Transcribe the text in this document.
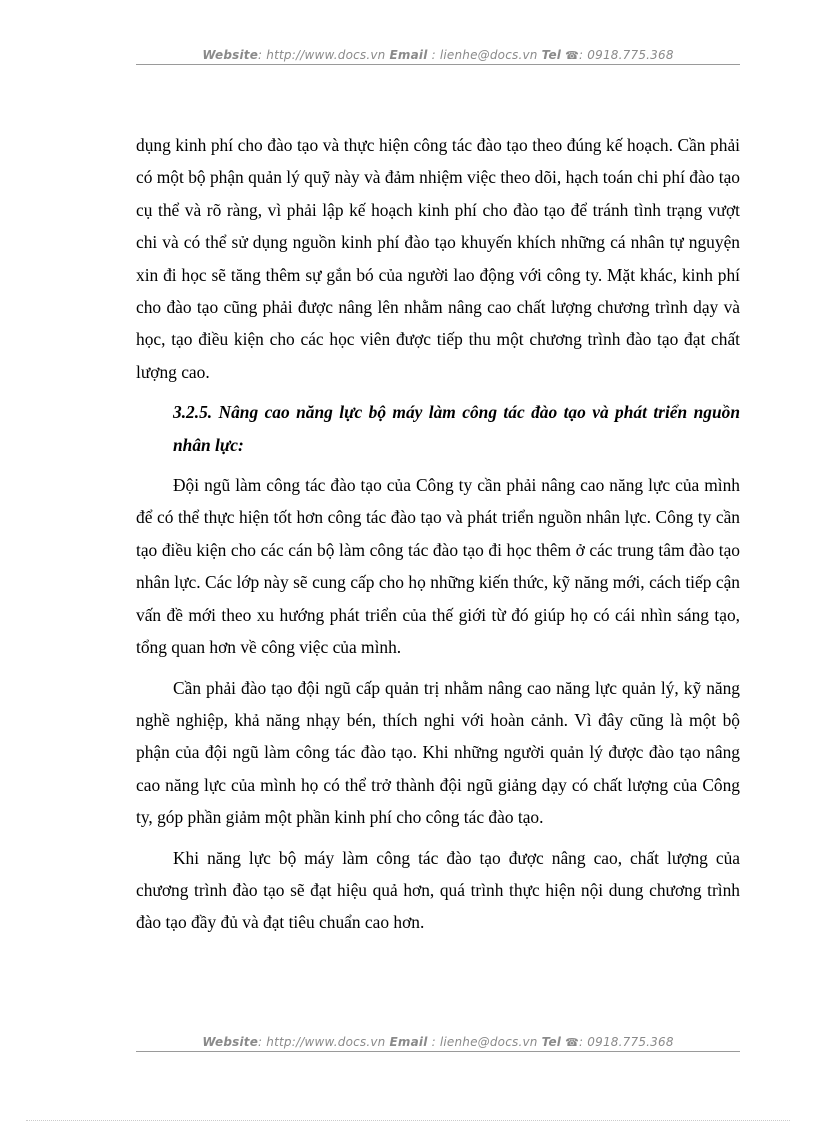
Website: http://www.docs.vn Email : lienhe@docs.vn Tel ☎: 0918.775.368

dụng kinh phí cho đào tạo và thực hiện công tác đào tạo theo đúng kế hoạch. Cần phải có một bộ phận quản lý quỹ này và đảm nhiệm việc theo dõi, hạch toán chi phí đào tạo cụ thể và rõ ràng, vì phải lập kế hoạch kinh phí cho đào tạo để tránh tình trạng vượt chi và có thể sử dụng nguồn kinh phí đào tạo khuyến khích những cá nhân tự nguyện xin đi học sẽ tăng thêm sự gắn bó của người lao động với công ty. Mặt khác, kinh phí cho đào tạo cũng phải được nâng lên nhằm nâng cao chất lượng chương trình dạy và học, tạo điều kiện cho các học viên được tiếp thu một chương trình đào tạo đạt chất lượng cao.

3.2.5. Nâng cao năng lực bộ máy làm công tác đào tạo và phát triển nguồn nhân lực:

Đội ngũ làm công tác đào tạo của Công ty cần phải nâng cao năng lực của mình để có thể thực hiện tốt hơn công tác đào tạo và phát triển nguồn nhân lực. Công ty cần tạo điều kiện cho các cán bộ làm công tác đào tạo đi học thêm ở các trung tâm đào tạo nhân lực. Các lớp này sẽ cung cấp cho họ những kiến thức, kỹ năng mới, cách tiếp cận vấn đề mới theo xu hướng phát triển của thế giới từ đó giúp họ có cái nhìn sáng tạo, tổng quan hơn về công việc của mình.

Cần phải đào tạo đội ngũ cấp quản trị nhằm nâng cao năng lực quản lý, kỹ năng nghề nghiệp, khả năng nhạy bén, thích nghi với hoàn cảnh. Vì đây cũng là một bộ phận của đội ngũ làm công tác đào tạo. Khi những người quản lý được đào tạo nâng cao năng lực của mình họ có thể trở thành đội ngũ giảng dạy có chất lượng của Công ty, góp phần giảm một phần kinh phí cho công tác đào tạo.

Khi năng lực bộ máy làm công tác đào tạo được nâng cao, chất lượng của chương trình đào tạo sẽ đạt hiệu quả hơn, quá trình thực hiện nội dung chương trình đào tạo đầy đủ và đạt tiêu chuẩn cao hơn.

Website: http://www.docs.vn Email : lienhe@docs.vn Tel ☎: 0918.775.368
